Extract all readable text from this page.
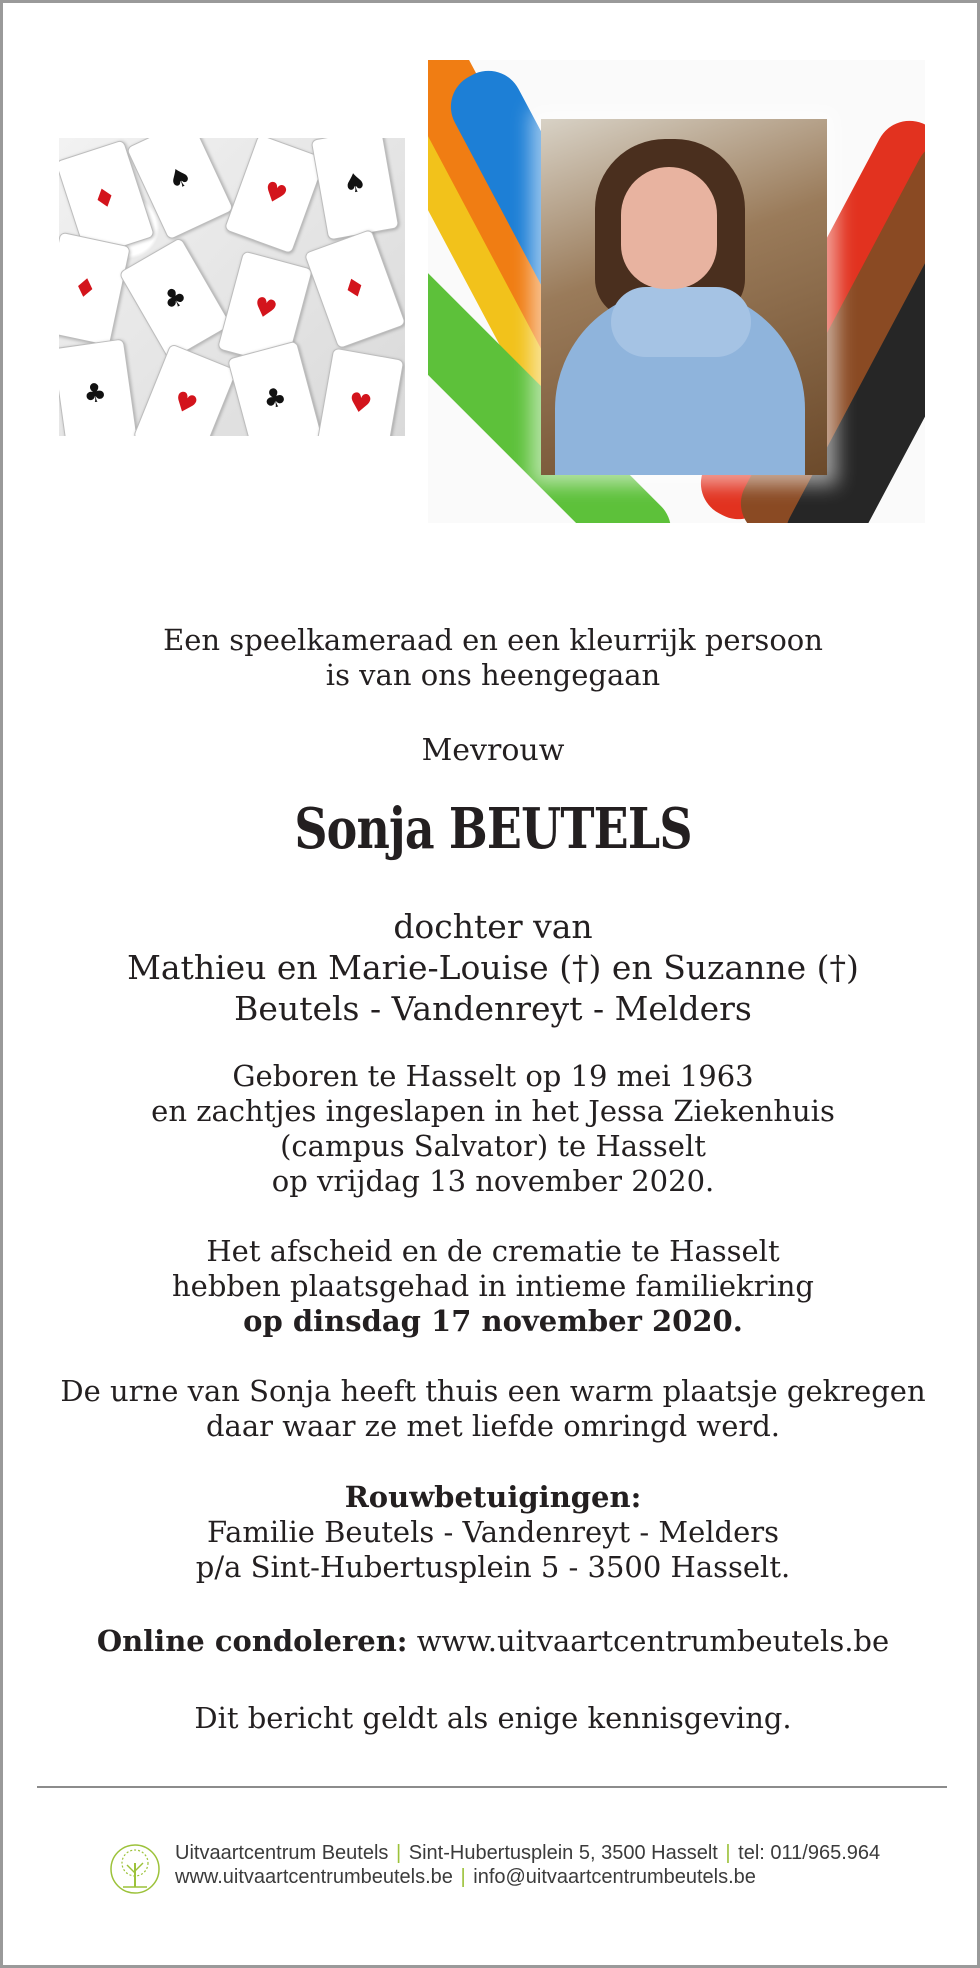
♦
♠	♥	♠
♦	♣	♥
♦
♣	♥	♣	♥
Een speelkameraad en een kleurrijk persoon
is van ons heengegaan
Mevrouw
Sonja BEUTELS
dochter van
Mathieu en Marie-Louise (†) en Suzanne (†)
Beutels - Vandenreyt - Melders
Geboren te Hasselt op 19 mei 1963
en zachtjes ingeslapen in het Jessa Ziekenhuis
(campus Salvator) te Hasselt
op vrijdag 13 november 2020.
Het afscheid en de crematie te Hasselt
hebben plaatsgehad in intieme familiekring
op dinsdag 17 november 2020.
De urne van Sonja heeft thuis een warm plaatsje gekregen
daar waar ze met liefde omringd werd.
Rouwbetuigingen:
Familie Beutels - Vandenreyt - Melders
p/a Sint-Hubertusplein 5 - 3500 Hasselt.
Online condoleren: www.uitvaartcentrumbeutels.be
Dit bericht geldt als enige kennisgeving.
Uitvaartcentrum Beutels | Sint-Hubertusplein 5, 3500 Hasselt | tel: 011/965.964
www.uitvaartcentrumbeutels.be | info@uitvaartcentrumbeutels.be
